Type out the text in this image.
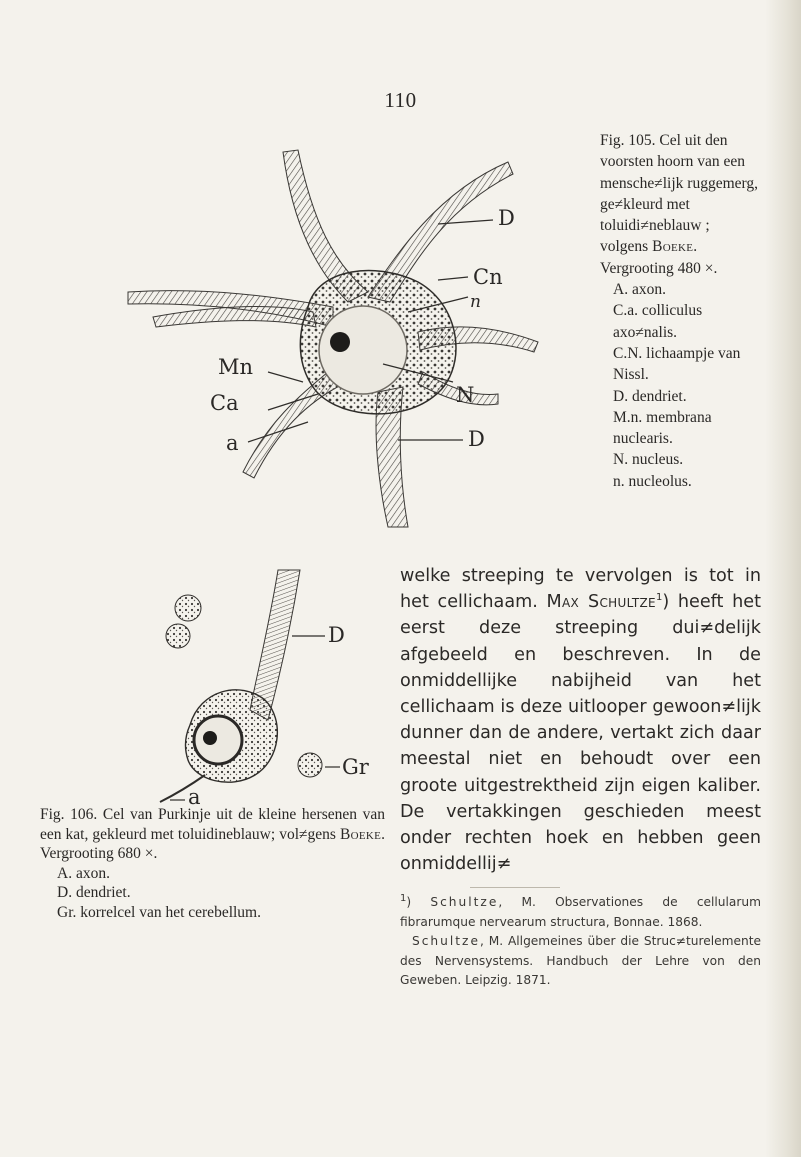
110
D
Cn
n
Mn
N
Ca
a	D

Fig. 105. Cel uit den voorsten hoorn van een mensche≠lijk ruggemerg, ge≠kleurd met toluidi≠neblauw ; volgens Boeke. Vergrooting 480 ×.

A. axon.

C.a. colliculus axo≠nalis.

C.N. lichaampje van Nissl.

D. dendriet.

M.n. membrana nuclearis.

N. nucleus.

n. nucleolus.

D
Gr
a

Fig. 106. Cel van Purkinje uit de kleine hersenen van een kat, gekleurd met toluidineblauw; vol≠gens Boeke. Vergrooting 680 ×.

A. axon.

D. dendriet.

Gr. korrelcel van het cerebellum.

welke streeping te vervolgen is tot in het cellichaam. Max Schultze$^1$) heeft het eerst deze streeping dui≠delijk afgebeeld en beschreven. In de onmiddellijke nabijheid van het cellichaam is deze uitlooper gewoon≠lijk dunner dan de andere, vertakt zich daar meestal niet en behoudt over een groote uitgestrektheid zijn eigen kaliber. De vertakkingen geschieden meest onder rechten hoek en hebben geen onmiddellij≠

$^1$) Schultze, M. Observationes de cellularum fibrarumque nervearum structura, Bonnae. 1868.

Schultze, M. Allgemeines über die Struc≠turelemente des Nervensystems. Handbuch der Lehre von den Geweben. Leipzig. 1871.
